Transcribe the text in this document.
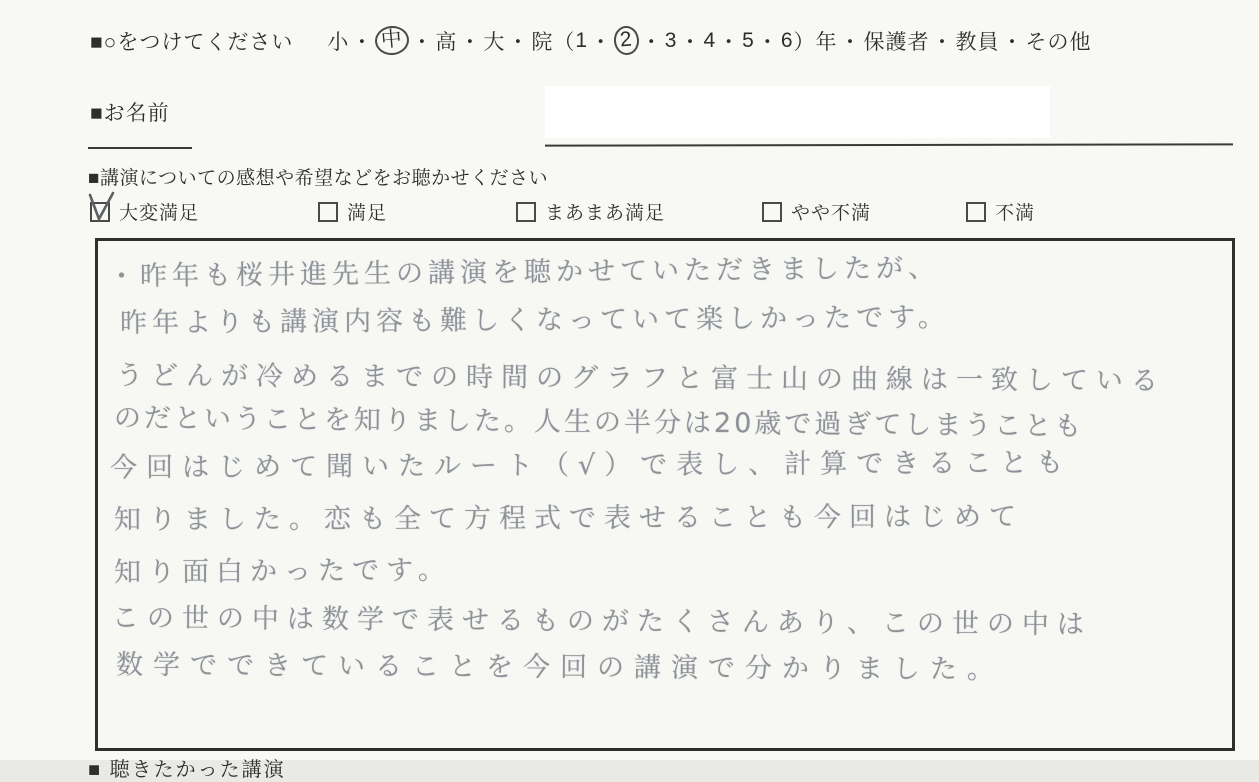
■○をつけてください 小 ・ 中 ・ 高 ・ 大 ・ 院 （ 1 ・ 2 ・ 3 ・ 4 ・ 5 ・ 6 ） 年 ・ 保護者 ・ 教員 ・ その他
■お名前
■講演についての感想や希望などをお聴かせください
大変満足	満足	まあまあ満足	やや不満	不満
・昨年も桜井進先生の講演を聴かせていただきましたが、
昨年よりも講演内容も難しくなっていて楽しかったです。
うどんが冷めるまでの時間のグラフと富士山の曲線は一致している
のだということを知りました。人生の半分は20歳で過ぎてしまうことも
今回はじめて聞いたルート（√）で表し、計算できることも
知りました。恋も全て方程式で表せることも今回はじめて
知り面白かったです。
この世の中は数学で表せるものがたくさんあり、この世の中は
数学でできていることを今回の講演で分かりました。
■ 聴きたかった講演
